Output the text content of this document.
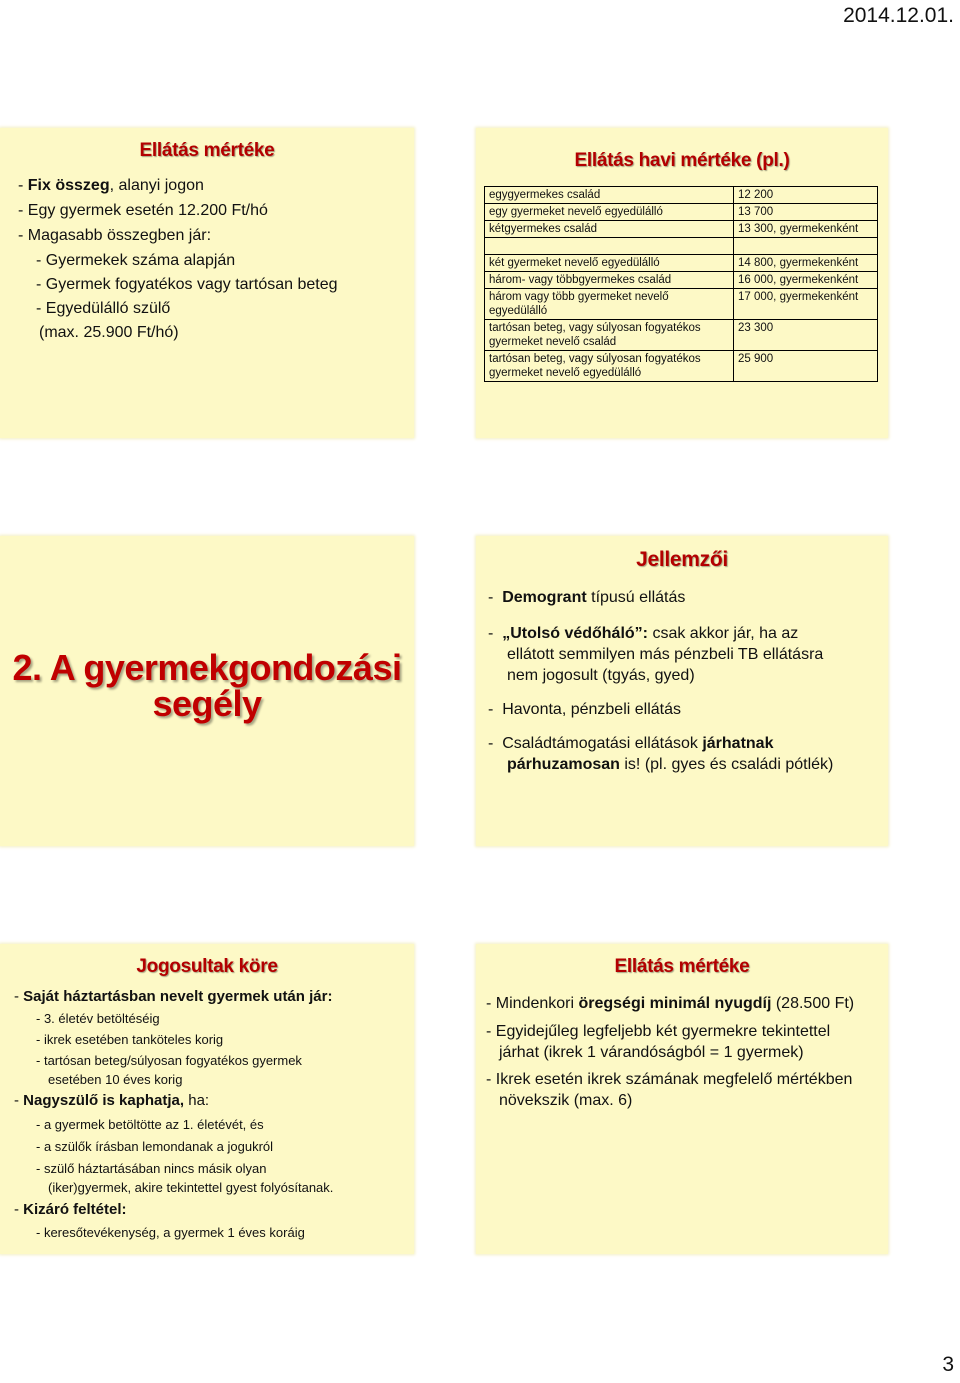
2014.12.01.
Ellátás mértéke
- Fix összeg, alanyi jogon
- Egy gyermek esetén 12.200 Ft/hó
- Magasabb összegben jár:
- Gyermekek száma alapján
- Gyermek fogyatékos vagy tartósan beteg
- Egyedülálló szülő
(max. 25.900 Ft/hó)
Ellátás havi mértéke (pl.)
egygyermekes család	12 200
egy gyermeket nevelő egyedülálló	13 700
kétgyermekes család	13 300, gyermekenként

két gyermeket nevelő egyedülálló	14 800, gyermekenként
három- vagy többgyermekes család	16 000, gyermekenként
három vagy több gyermeket nevelő egyedülálló	17 000, gyermekenként
tartósan beteg, vagy súlyosan fogyatékos gyermeket nevelő család	23 300
tartósan beteg, vagy súlyosan fogyatékos gyermeket nevelő egyedülálló	25 900
2. A gyermekgondozási
segély
Jellemzői
-  Demogrant típusú ellátás
-  „Utolsó védőháló”: csak akkor jár, ha az
ellátott semmilyen más pénzbeli TB ellátásra
nem jogosult (tgyás, gyed)
-  Havonta, pénzbeli ellátás
-  Családtámogatási ellátások járhatnak
párhuzamosan is! (pl. gyes és családi pótlék)
Jogosultak köre
- Saját háztartásban nevelt gyermek után jár:
- 3. életév betöltéséig
- ikrek esetében tanköteles korig
- tartósan beteg/súlyosan fogyatékos gyermek
esetében 10 éves korig
- Nagyszülő is kaphatja, ha:
- a gyermek betöltötte az 1. életévét, és
- a szülők írásban lemondanak a jogukról
- szülő háztartásában nincs másik olyan
(iker)gyermek, akire tekintettel gyest folyósítanak.
- Kizáró feltétel:
- keresőtevékenység, a gyermek 1 éves koráig
Ellátás mértéke
- Mindenkori öregségi minimál nyugdíj (28.500 Ft)
- Egyidejűleg legfeljebb két gyermekre tekintettel
járhat (ikrek 1 várandóságból = 1 gyermek)
- Ikrek esetén ikrek számának megfelelő mértékben
növekszik (max. 6)
3
